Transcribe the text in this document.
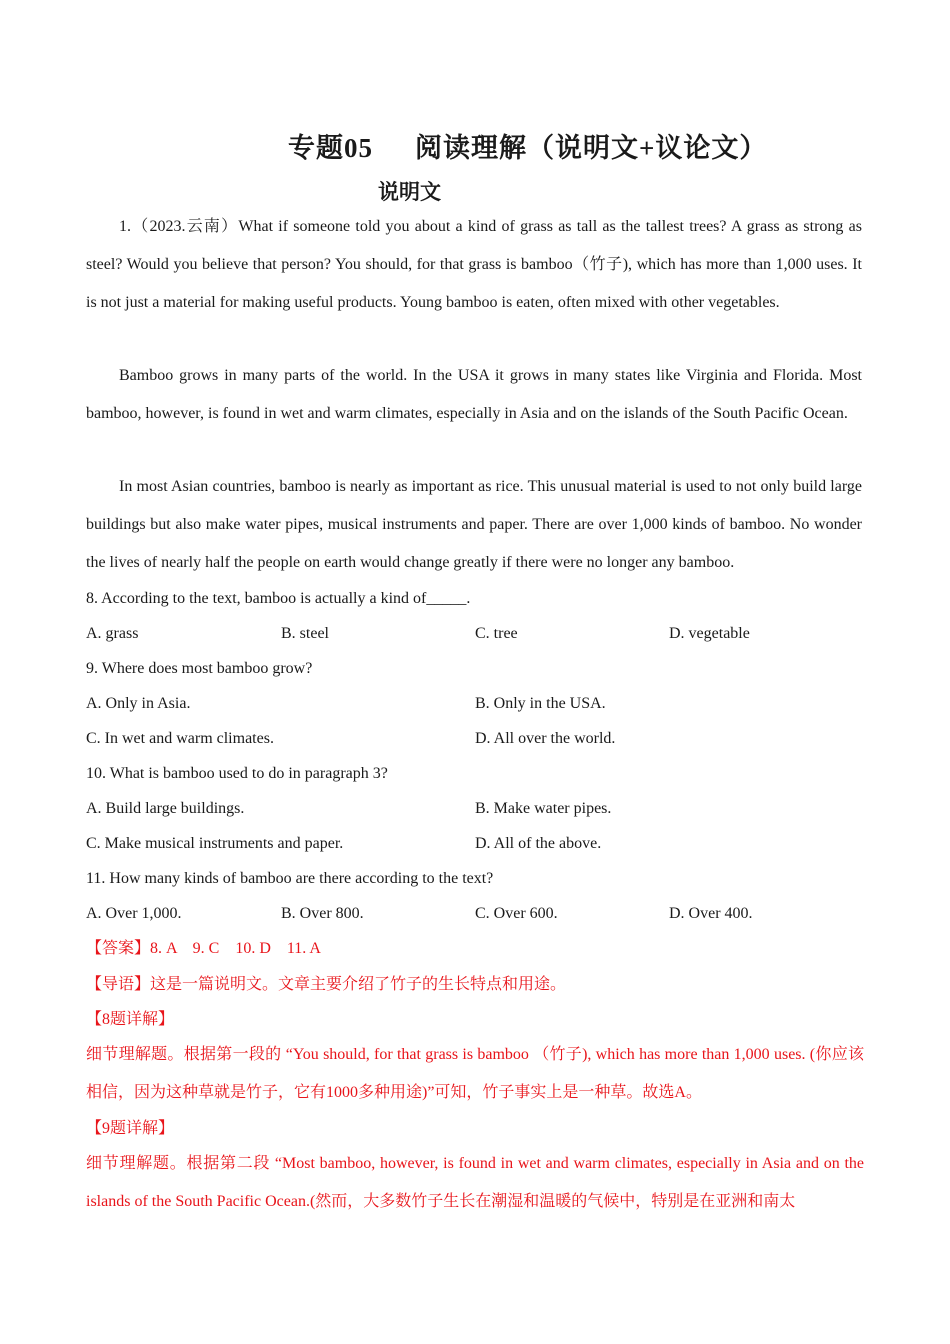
专题05 阅读理解（说明文+议论文）
说明文

1.（2023.云南）What if someone told you about a kind of grass as tall as the tallest trees? A grass as strong as steel? Would you believe that person? You should, for that grass is bamboo（竹子), which has more than 1,000 uses. It is not just a material for making useful products. Young bamboo is eaten, often mixed with other vegetables.

Bamboo grows in many parts of the world. In the USA it grows in many states like Virginia and Florida. Most bamboo, however, is found in wet and warm climates, especially in Asia and on the islands of the South Pacific Ocean.

In most Asian countries, bamboo is nearly as important as rice. This unusual material is used to not only build large buildings but also make water pipes, musical instruments and paper. There are over 1,000 kinds of bamboo. No wonder the lives of nearly half the people on earth would change greatly if there were no longer any bamboo.

8. According to the text, bamboo is actually a kind of_____.
A. grass	B. steel	C. tree	D. vegetable
9. Where does most bamboo grow?
A. Only in Asia.	B. Only in the USA.
C. In wet and warm climates.	D. All over the world.
10. What is bamboo used to do in paragraph 3?
A. Build large buildings.	B. Make water pipes.
C. Make musical instruments and paper.	D. All of the above.
11. How many kinds of bamboo are there according to the text?
A. Over 1,000.	B. Over 800.	C. Over 600.	D. Over 400.
【答案】8. A    9. C    10. D    11. A
【导语】这是一篇说明文。文章主要介绍了竹子的生长特点和用途。
【8题详解】

细节理解题。根据第一段的 “You should, for that grass is bamboo （竹子), which has more than 1,000 uses. (你应该相信，因为这种草就是竹子，它有1000多种用途)”可知，竹子事实上是一种草。故选A。

【9题详解】

细节理解题。根据第二段 “Most bamboo, however, is found in wet and warm climates, especially in Asia and on the islands of the South Pacific Ocean.(然而，大多数竹子生长在潮湿和温暖的气候中，特别是在亚洲和南太
